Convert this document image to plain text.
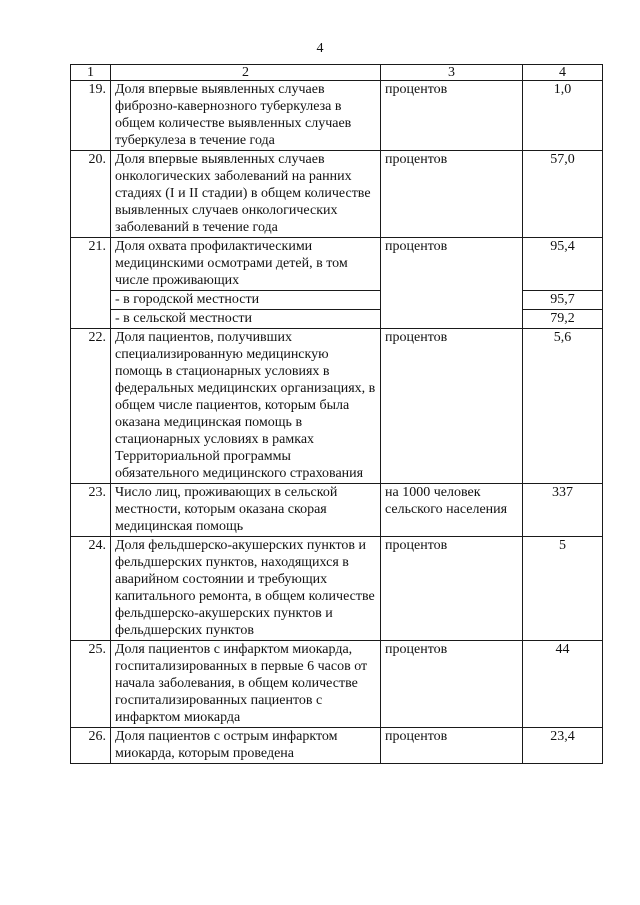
4
1	2	3	4
19.	Доля впервые выявленных случаев фиброзно-кавернозного туберкулеза в общем количестве выявленных случаев туберкулеза в течение года	процентов	1,0
20.	Доля впервые выявленных случаев онкологических заболеваний на ранних стадиях (I и II стадии) в общем количестве выявленных случаев онкологических заболеваний в течение года	процентов	57,0
21.	Доля охвата профилактическими медицинскими осмотрами детей, в том числе проживающих	процентов	95,4
	- в городской местности		95,7
	- в сельской местности		79,2
22.	Доля пациентов, получивших специализированную медицинскую помощь в стационарных условиях в федеральных медицинских организациях, в общем числе пациентов, которым была оказана медицинская помощь в стационарных условиях в рамках Территориальной программы обязательного медицинского страхования	процентов	5,6
23.	Число лиц, проживающих в сельской местности, которым оказана скорая медицинская помощь	на 1000 человек сельского населения	337
24.	Доля фельдшерско-акушерских пунктов и фельдшерских пунктов, находящихся в аварийном состоянии и требующих капитального ремонта, в общем количестве фельдшерско-акушерских пунктов и фельдшерских пунктов	процентов	5
25.	Доля пациентов с инфарктом миокарда, госпитализированных в первые 6 часов от начала заболевания, в общем количестве госпитализированных пациентов с инфарктом миокарда	процентов	44
26.	Доля пациентов с острым инфарктом миокарда, которым проведена	процентов	23,4
